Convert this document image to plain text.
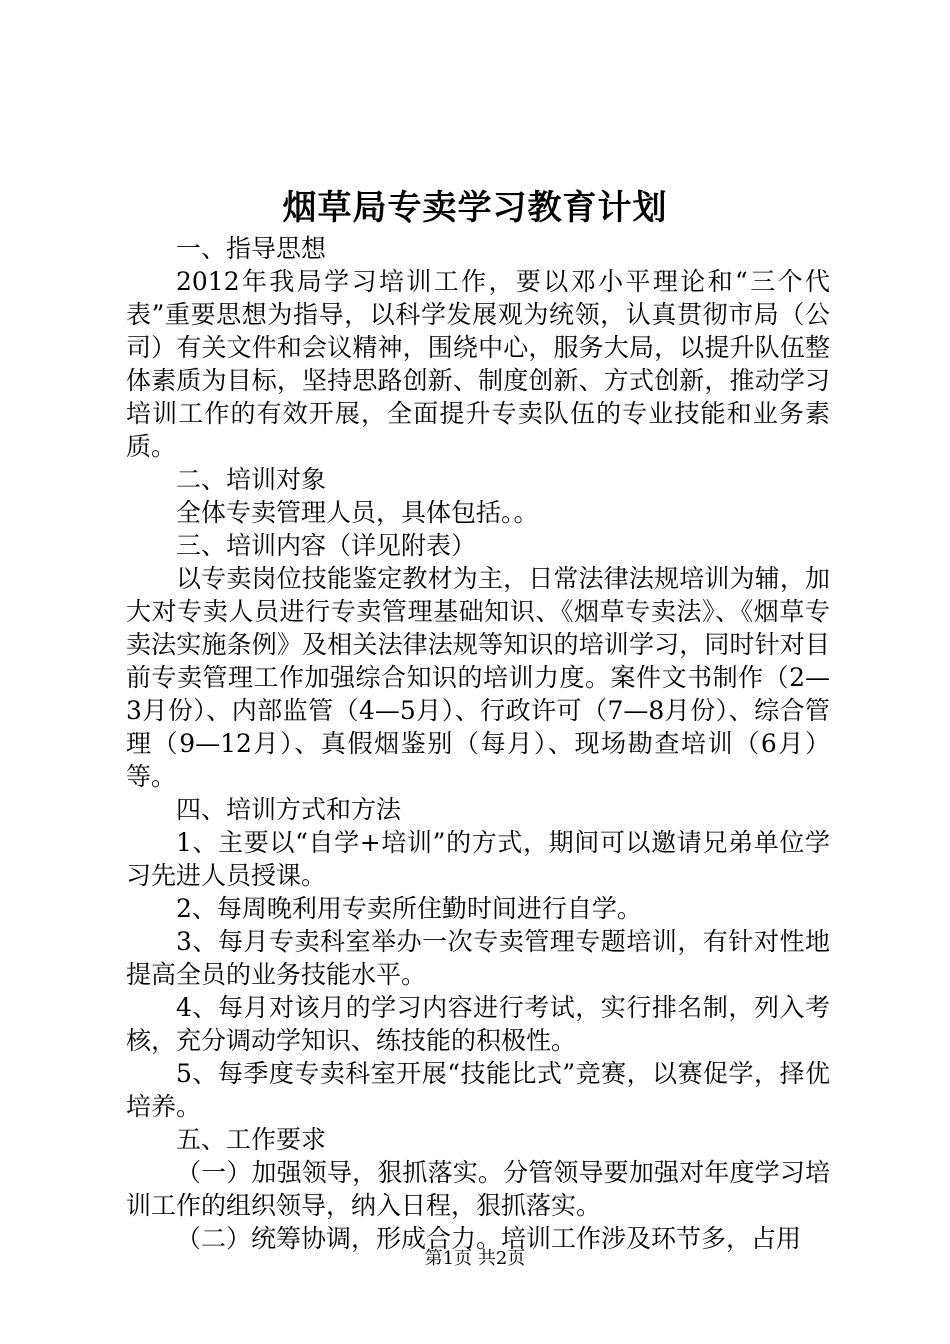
烟草局专卖学习教育计划

一、指导思想

2012年我局学习培训工作，要以邓小平理论和“三个代表”重要思想为指导，以科学发展观为统领，认真贯彻市局（公司）有关文件和会议精神，围绕中心，服务大局，以提升队伍整体素质为目标，坚持思路创新、制度创新、方式创新，推动学习培训工作的有效开展，全面提升专卖队伍的专业技能和业务素质。

二、培训对象

全体专卖管理人员，具体包括。。

三、培训内容（详见附表）

以专卖岗位技能鉴定教材为主，日常法律法规培训为辅，加大对专卖人员进行专卖管理基础知识、《烟草专卖法》、《烟草专卖法实施条例》及相关法律法规等知识的培训学习，同时针对目前专卖管理工作加强综合知识的培训力度。案件文书制作（2—3月份）、内部监管（4—5月）、行政许可（7—8月份）、综合管理（9—12月）、真假烟鉴别（每月）、现场勘查培训（6月）等。

四、培训方式和方法

1、主要以“自学+培训”的方式，期间可以邀请兄弟单位学习先进人员授课。

2、每周晚利用专卖所住勤时间进行自学。

3、每月专卖科室举办一次专卖管理专题培训，有针对性地提高全员的业务技能水平。

4、每月对该月的学习内容进行考试，实行排名制，列入考核，充分调动学知识、练技能的积极性。

5、每季度专卖科室开展“技能比式”竞赛，以赛促学，择优培养。

五、工作要求

（一）加强领导，狠抓落实。分管领导要加强对年度学习培训工作的组织领导，纳入日程，狠抓落实。

（二）统筹协调，形成合力。培训工作涉及环节多，占用

第1页 共2页
